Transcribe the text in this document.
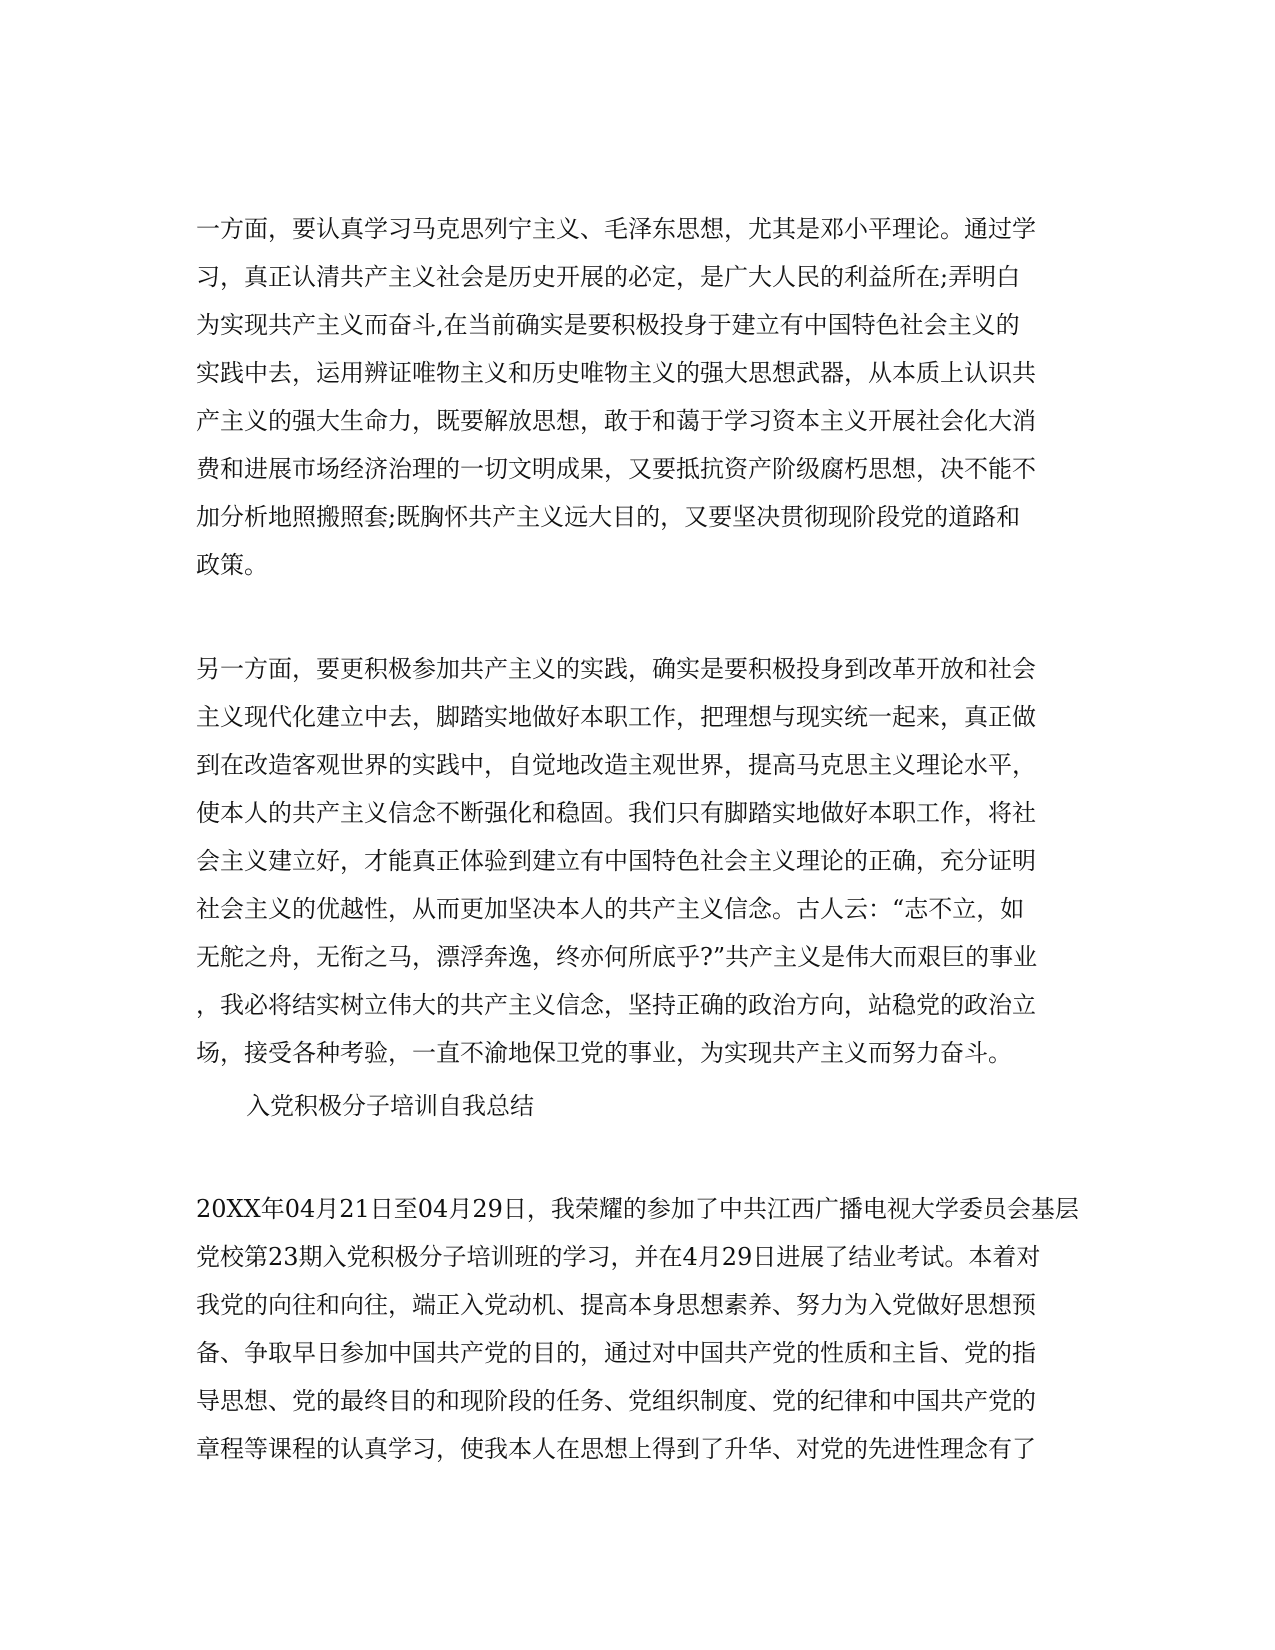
一方面，要认真学习马克思列宁主义、毛泽东思想，尤其是邓小平理论。通过学
习，真正认清共产主义社会是历史开展的必定，是广大人民的利益所在;弄明白
为实现共产主义而奋斗,在当前确实是要积极投身于建立有中国特色社会主义的
实践中去，运用辨证唯物主义和历史唯物主义的强大思想武器，从本质上认识共
产主义的强大生命力，既要解放思想，敢于和蔼于学习资本主义开展社会化大消
费和进展市场经济治理的一切文明成果，又要抵抗资产阶级腐朽思想，决不能不
加分析地照搬照套;既胸怀共产主义远大目的，又要坚决贯彻现阶段党的道路和
政策。
另一方面，要更积极参加共产主义的实践，确实是要积极投身到改革开放和社会
主义现代化建立中去，脚踏实地做好本职工作，把理想与现实统一起来，真正做
到在改造客观世界的实践中，自觉地改造主观世界，提高马克思主义理论水平，
使本人的共产主义信念不断强化和稳固。我们只有脚踏实地做好本职工作，将社
会主义建立好，才能真正体验到建立有中国特色社会主义理论的正确，充分证明
社会主义的优越性，从而更加坚决本人的共产主义信念。古人云：“志不立，如
无舵之舟，无衔之马，漂浮奔逸，终亦何所底乎?”共产主义是伟大而艰巨的事业
，我必将结实树立伟大的共产主义信念，坚持正确的政治方向，站稳党的政治立
场，接受各种考验，一直不渝地保卫党的事业，为实现共产主义而努力奋斗。
入党积极分子培训自我总结
20XX年04月21日至04月29日，我荣耀的参加了中共江西广播电视大学委员会基层
党校第23期入党积极分子培训班的学习，并在4月29日进展了结业考试。本着对
我党的向往和向往，端正入党动机、提高本身思想素养、努力为入党做好思想预
备、争取早日参加中国共产党的目的，通过对中国共产党的性质和主旨、党的指
导思想、党的最终目的和现阶段的任务、党组织制度、党的纪律和中国共产党的
章程等课程的认真学习，使我本人在思想上得到了升华、对党的先进性理念有了
